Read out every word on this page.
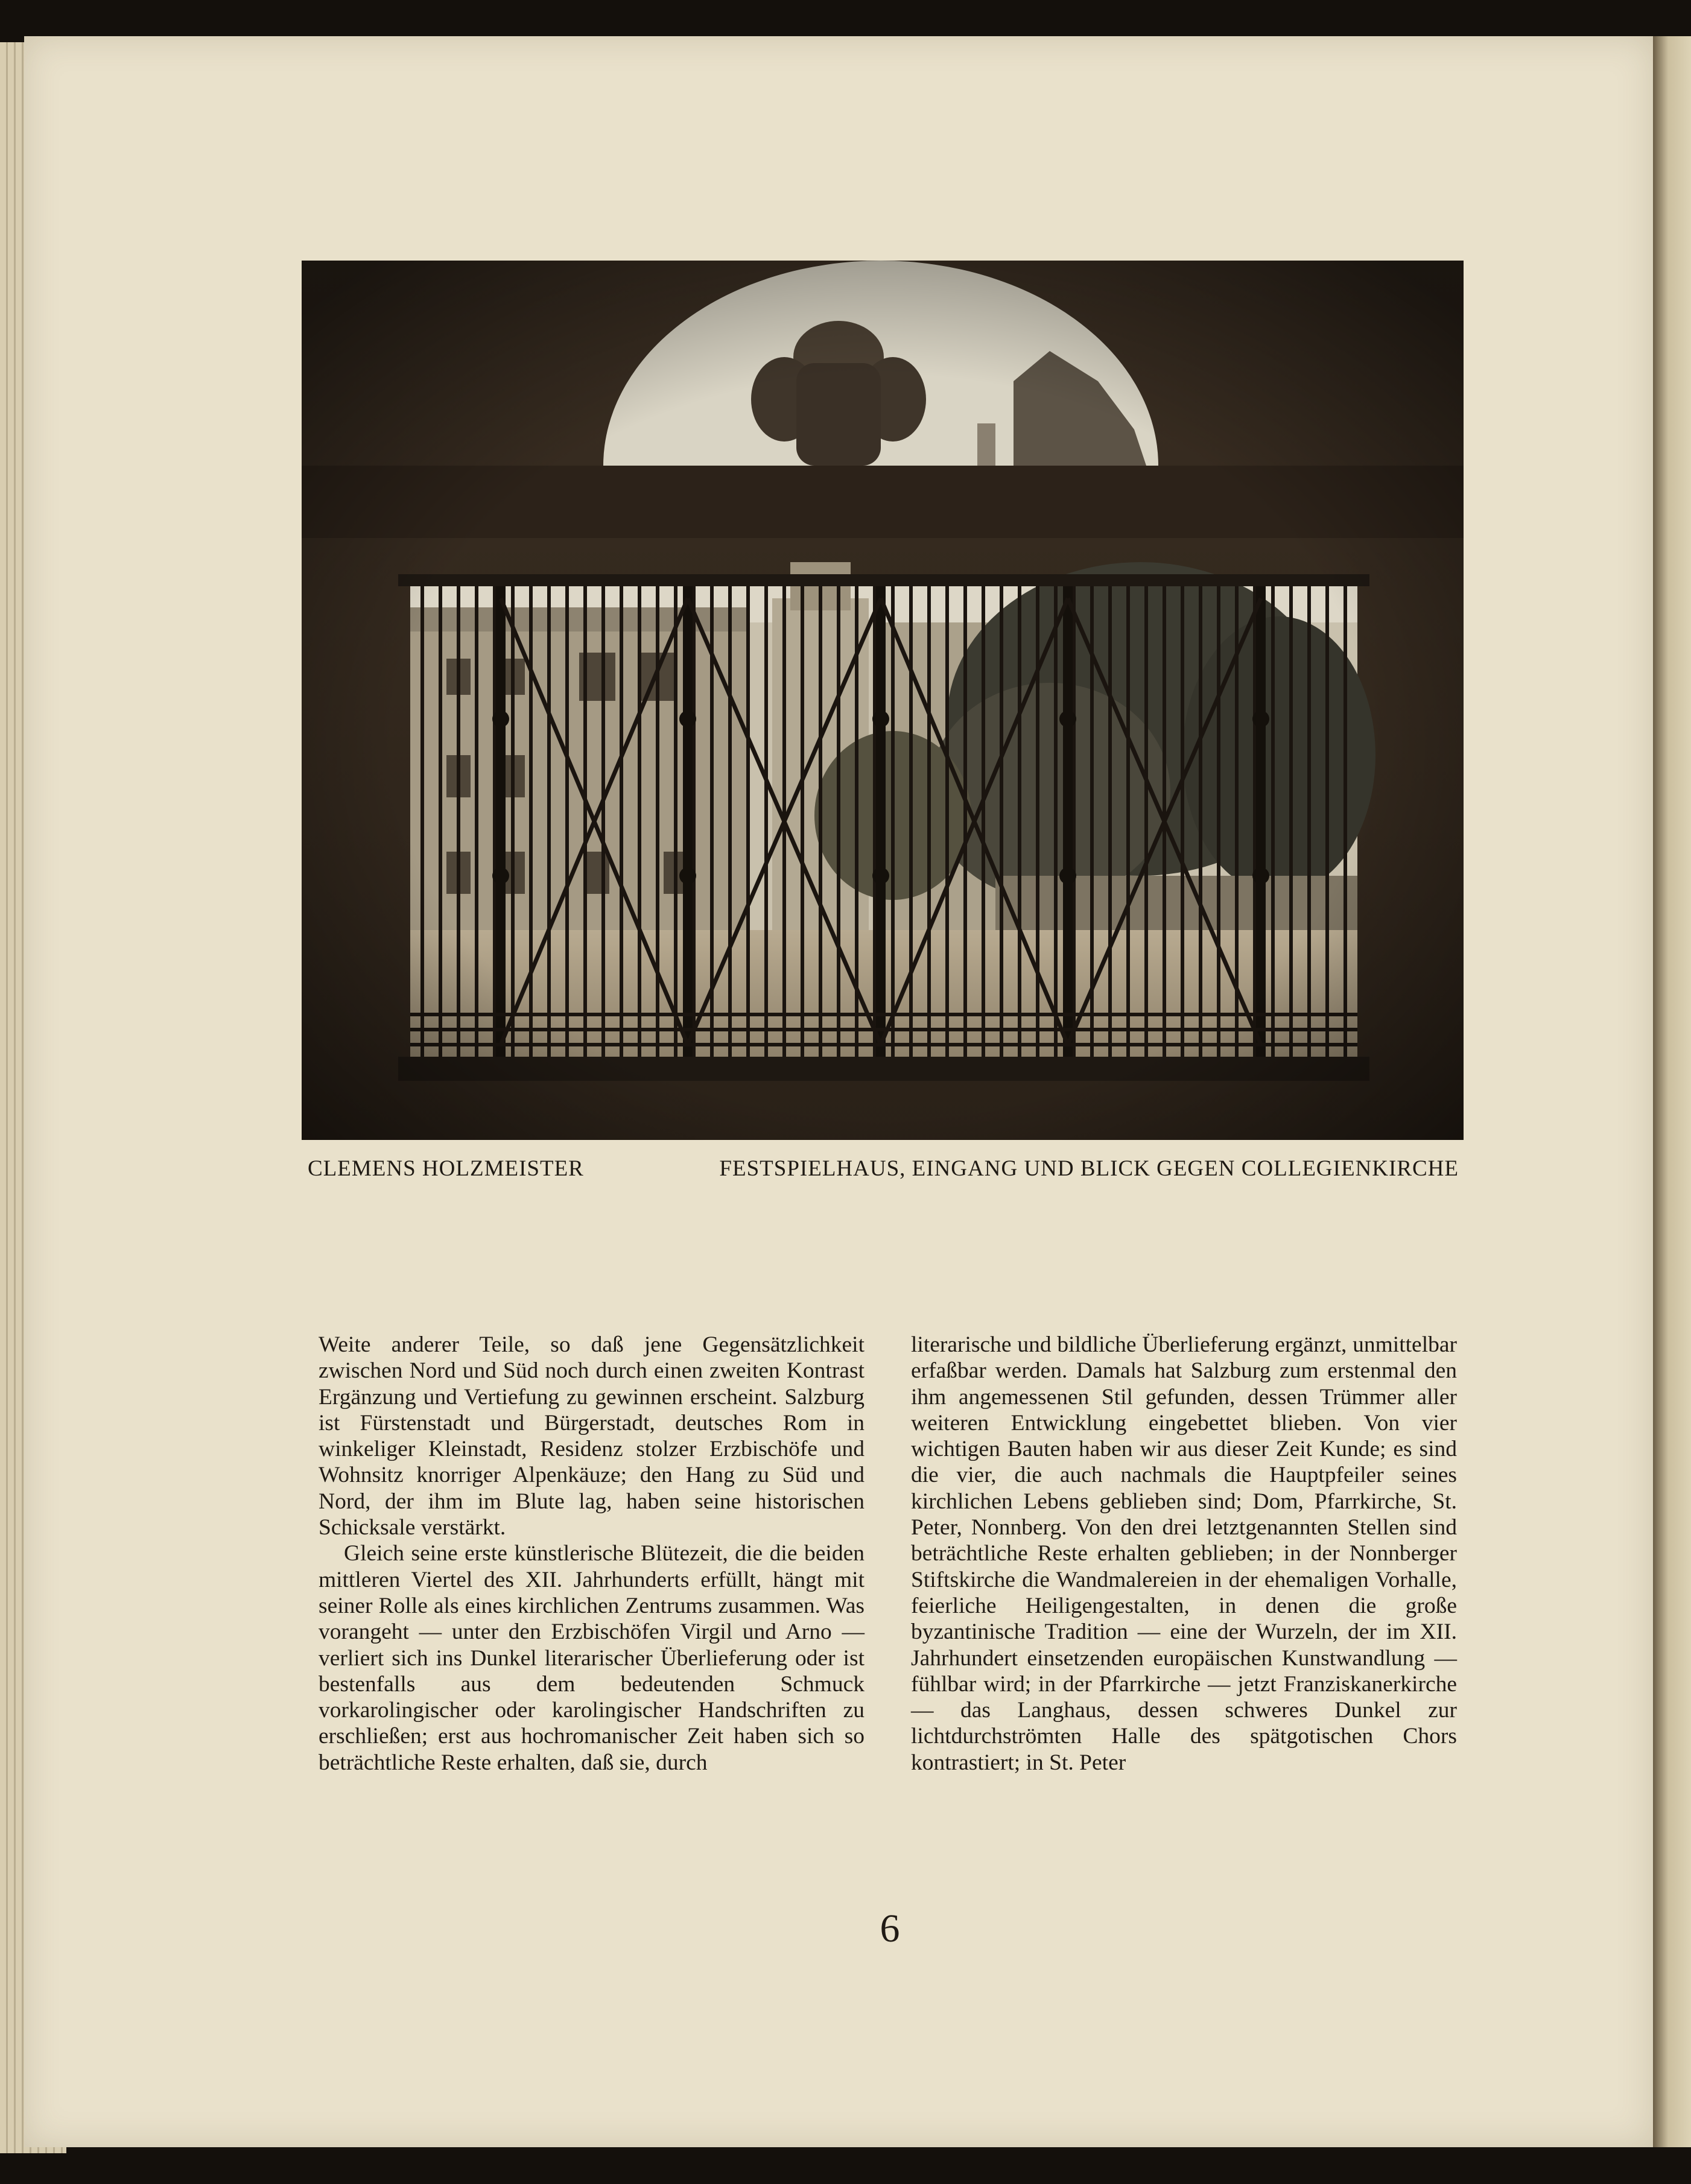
CLEMENS HOLZMEISTER	FESTSPIELHAUS, EINGANG UND BLICK GEGEN COLLEGIENKIRCHE

Weite anderer Teile, so daß jene Gegensätzlichkeit zwischen Nord und Süd noch durch einen zweiten Kontrast Ergänzung und Vertiefung zu gewinnen erscheint. Salzburg ist Fürstenstadt und Bürgerstadt, deutsches Rom in winkeliger Kleinstadt, Residenz stolzer Erzbischöfe und Wohnsitz knorriger Alpenkäuze; den Hang zu Süd und Nord, der ihm im Blute lag, haben seine historischen Schicksale verstärkt.

Gleich seine erste künstlerische Blütezeit, die die beiden mittleren Viertel des XII. Jahrhunderts erfüllt, hängt mit seiner Rolle als eines kirchlichen Zentrums zusammen. Was vorangeht — unter den Erzbischöfen Virgil und Arno — verliert sich ins Dunkel literarischer Überlieferung oder ist bestenfalls aus dem bedeutenden Schmuck vorkarolingischer oder karolingischer Handschriften zu erschließen; erst aus hochromanischer Zeit haben sich so beträchtliche Reste erhalten, daß sie, durch

literarische und bildliche Überlieferung ergänzt, unmittelbar erfaßbar werden. Damals hat Salzburg zum erstenmal den ihm angemessenen Stil gefunden, dessen Trümmer aller weiteren Entwicklung eingebettet blieben. Von vier wichtigen Bauten haben wir aus dieser Zeit Kunde; es sind die vier, die auch nachmals die Hauptpfeiler seines kirchlichen Lebens geblieben sind; Dom, Pfarrkirche, St. Peter, Nonnberg. Von den drei letztgenannten Stellen sind beträchtliche Reste erhalten geblieben; in der Nonnberger Stiftskirche die Wandmalereien in der ehemaligen Vorhalle, feierliche Heiligengestalten, in denen die große byzantinische Tradition — eine der Wurzeln, der im XII. Jahrhundert einsetzenden europäischen Kunstwandlung — fühlbar wird; in der Pfarrkirche — jetzt Franziskanerkirche — das Langhaus, dessen schweres Dunkel zur lichtdurchströmten Halle des spätgotischen Chors kontrastiert; in St. Peter

6
